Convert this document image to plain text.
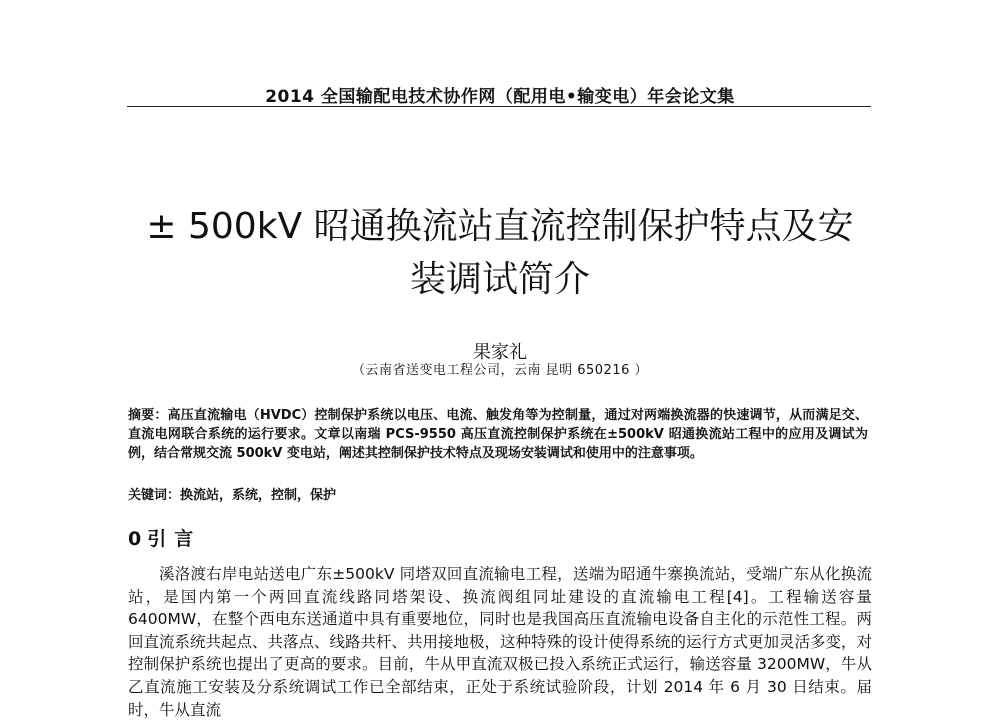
2014 全国输配电技术协作网（配用电•输变电）年会论文集
± 500kV 昭通换流站直流控制保护特点及安装调试简介
果家礼
（云南省送变电工程公司，云南 昆明 650216 ）
摘要：高压直流输电（HVDC）控制保护系统以电压、电流、触发角等为控制量，通过对两端换流器的快速调节，从而满足交、直流电网联合系统的运行要求。文章以南瑞 PCS-9550 高压直流控制保护系统在±500kV 昭通换流站工程中的应用及调试为例，结合常规交流 500kV 变电站，阐述其控制保护技术特点及现场安装调试和使用中的注意事项。
关键词：换流站，系统，控制，保护
0 引言
溪洛渡右岸电站送电广东±500kV 同塔双回直流输电工程，送端为昭通牛寨换流站，受端广东从化换流站，是国内第一个两回直流线路同塔架设、换流阀组同址建设的直流输电工程[4]。工程输送容量 6400MW，在整个西电东送通道中具有重要地位，同时也是我国高压直流输电设备自主化的示范性工程。两回直流系统共起点、共落点、线路共杆、共用接地极，这种特殊的设计使得系统的运行方式更加灵活多变，对控制保护系统也提出了更高的要求。目前，牛从甲直流双极已投入系统正式运行，输送容量 3200MW，牛从乙直流施工安装及分系统调试工作已全部结束，正处于系统试验阶段，计划 2014 年 6 月 30 日结束。届时，牛从直流
